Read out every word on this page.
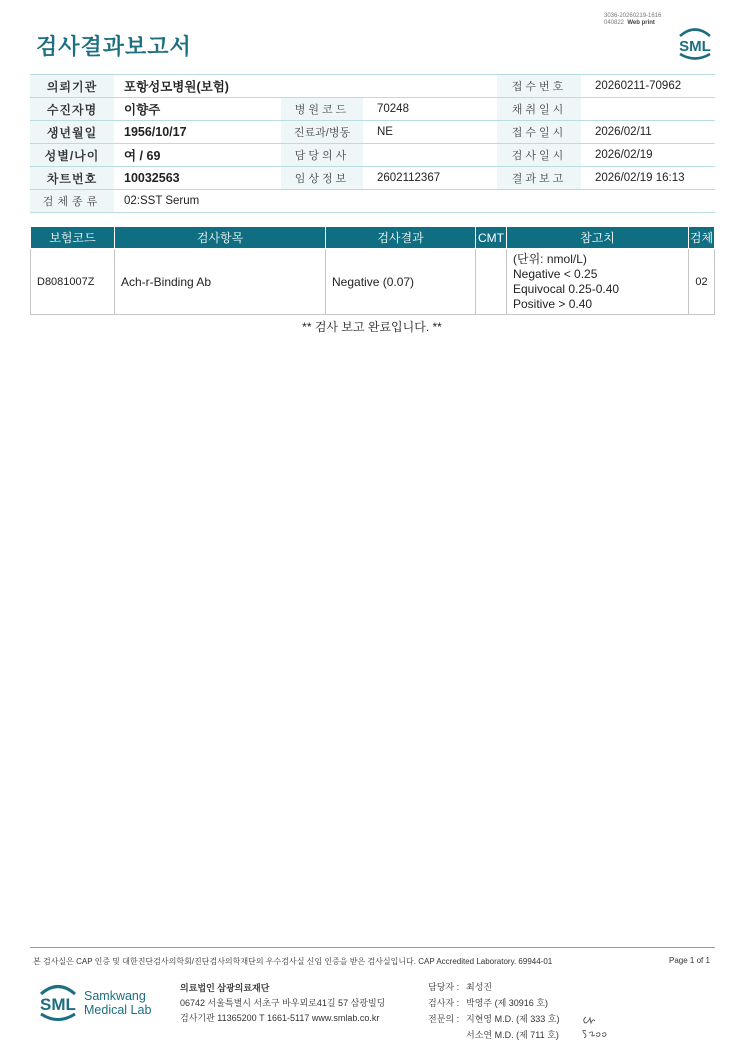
검사결과보고서
3036-20260219-1616
040822 Web print
SML
의뢰기관	포항성모병원(보험)			접수번호	20260211-70962
수진자명	이향주	병원코드	70248	채취일시	
생년월일	1956/10/17	진료과/병동	NE	접수일시	2026/02/11
성별/나이	여 / 69	담당의사		검사일시	2026/02/19
차트번호	10032563	임상정보	2602112367	결과보고	2026/02/19 16:13
검체종류	02:SST Serum				
보험코드	검사항목	검사결과	CMT	참고치	검체
D8081007Z	Ach-r-Binding Ab	Negative (0.07)		(단위: nmol/L)
Negative < 0.25
Equivocal 0.25-0.40
Positive > 0.40	02
** 검사 보고 완료입니다. **
본 검사실은 CAP 인증 및 대한진단검사의학회/진단검사의학재단의 우수검사실 신임 인증을 받은 검사실입니다. CAP Accredited Laboratory. 69944-01	Page 1 of 1
SML Samkwang
Medical Lab
의료법인 삼광의료재단
06742 서울특별시 서초구 바우뫼로41길 57 삼광빌딩
검사기관 11365200 T 1661-5117 www.smlab.co.kr
담당자 : 최성진
검사자 : 박영주 (제 30916 호)
전문의 : 지현영 M.D. (제 333 호)
서소연 M.D. (제 711 호)
